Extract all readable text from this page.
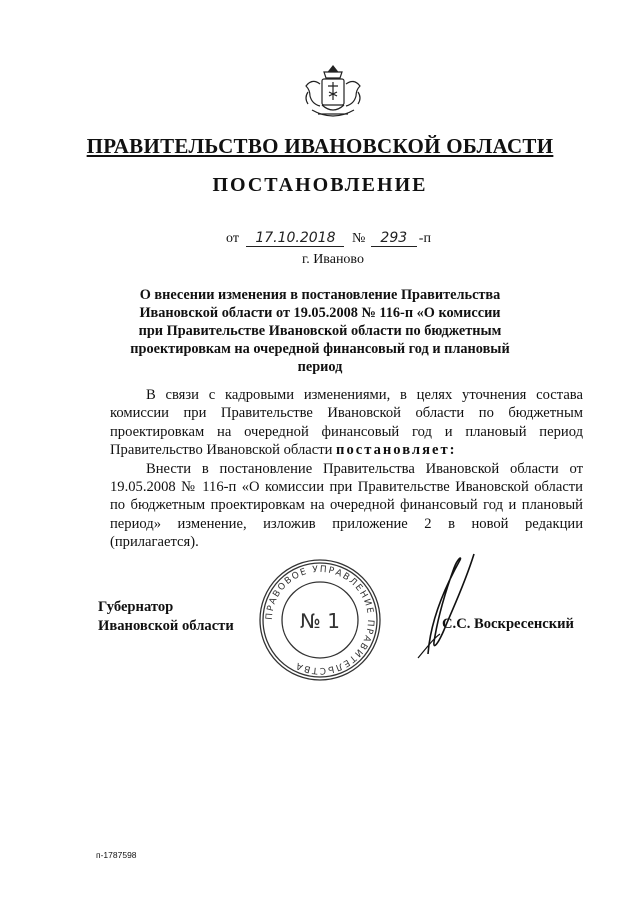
ПРАВИТЕЛЬСТВО ИВАНОВСКОЙ ОБЛАСТИ
ПОСТАНОВЛЕНИЕ
от 17.10.2018 № 293 -п
г. Иваново
О внесении изменения в постановление Правительства
Ивановской области от 19.05.2008 № 116-п «О комиссии
при Правительстве Ивановской области по бюджетным
проектировкам на очередной финансовый год и плановый период

В связи с кадровыми изменениями, в целях уточнения состава комиссии при Правительстве Ивановской области по бюджетным проектировкам на очередной финансовый год и плановый период Правительство Ивановской области постановляет:

Внести в постановление Правительства Ивановской области от 19.05.2008 № 116-п «О комиссии при Правительстве Ивановской области по бюджетным проектировкам на очередной финансовый год и плановый период» изменение, изложив приложение 2 в новой редакции (прилагается).

ПРАВОВОЕ УПРАВЛЕНИЕ ПРАВИТЕЛЬСТВА
№ 1
Губернатор
Ивановской области	С.С. Воскресенский
п-1787598
